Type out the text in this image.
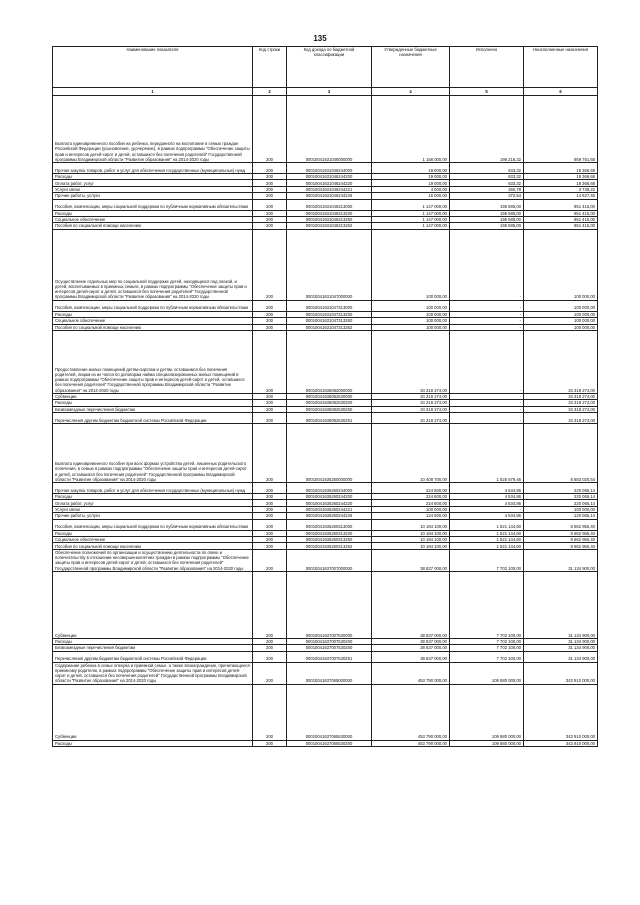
135
Наименование показателя	Код строки	Код дохода по бюджетной классификации	Утвержденные бюджетные назначения	Исполнено	Неисполненные назначения
1	2	3	4	5	6
Выплата единовременного пособия на ребенка, переданного на воспитание в семью граждан Российской Федерации (усыновление, удочерение), в рамках подпрограммы "Обеспечение защиты прав и интересов детей-сирот и детей, оставшихся без попечения родителей" Государственной программы Владимирской области "Развитие образования" на 2014-2020 годы	200	00010041631046000000	1 156 000,00	196 218,32	959 781,68
Прочая закупка товаров, работ и услуг для обеспечения государственных (муниципальных) нужд	200	00010041631046244000	19 000,00	633,32	18 366,68
Расходы	200	00010041631046244200	19 000,00	633,32	18 366,68
Оплата работ, услуг	200	00010041631046244220	19 000,00	633,32	18 366,68
Услуги связи	200	00010041631046244221	4 000,00	260,78	3 739,22
Прочие работы, услуги	200	00010041631046244226	15 000,00	372,54	14 627,46
Пособия, компенсации, меры социальной поддержки по публичным нормативным обязательствам	200	00010041631046313000	1 147 000,00	195 585,00	951 415,00
Расходы	200	00010041631046313200	1 147 000,00	195 585,00	951 415,00
Социальное обеспечение	200	00010041631046313260	1 147 000,00	195 585,00	951 415,00
Пособия по социальной помощи населению	200	00010041631046313262	1 147 000,00	195 585,00	951 415,00
Осуществление отдельных мер по социальной поддержке детей, находящихся под опекой, и детей, воспитываемых в приемных семьях, в рамках подпрограммы "Обеспечение защиты прав и интересов детей-сирот и детей, оставшихся без попечения родителей" Государственной программы Владимирской области "Развитие образования" на 2014-2020 годы	200	00010041631047000000	100 000,00	-	100 000,00
Пособия, компенсации, меры социальной поддержки по публичным нормативным обязательствам	200	00010041631047313000	100 000,00	-	100 000,00
Расходы	200	00010041631047313200	100 000,00	-	100 000,00
Социальное обеспечение	200	00010041631047313260	100 000,00	-	100 000,00
Пособия по социальной помощи населению	200	00010041631047313262	100 000,00	-	100 000,00
Предоставление жилых помещений детям-сиротам и детям, оставшимся без попечения родителей, лицам из их числа по договорам найма специализированных жилых помещений в рамках подпрограммы "Обеспечение защиты прав и интересов детей-сирот и детей, оставшихся без попечения родителей" Государственной программы Владимирской области "Развитие образования" на 2014-2020 годы	200	00010041635082000000	34 318 274,00	-	34 318 274,00
Субвенции	200	00010041635082530000	34 318 274,00	-	34 318 274,00
Расходы	200	00010041635082530200	34 318 274,00	-	34 318 274,00
Безвозмездные перечисления бюджетам	200	00010041635082530250	34 318 274,00	-	34 318 274,00
Перечисления другим бюджетам бюджетной системы Российской Федерации	200	00010041635082530251	34 318 274,00	-	34 318 274,00
Выплата единовременного пособия при всех формах устройства детей, лишенных родительского попечения, в семью в рамках подпрограммы "Обеспечение защиты прав и интересов детей-сирот и детей, оставшихся без попечения родителей" Государственной программы Владимирской области "Развитие образования" на 2014-2020 годы	200	00010041635260000000	10 408 700,00	1 525 679,46	8 883 020,54
Прочая закупка товаров, работ и услуг для обеспечения государственных (муниципальных) нужд	200	00010041635260244000	224 600,00	4 534,86	220 065,14
Расходы	200	00010041635260244200	224 600,00	4 534,86	220 065,14
Оплата работ, услуг	200	00010041635260244220	224 600,00	4 534,86	220 065,14
Услуги связи	200	00010041635260244221	100 000,00	-	100 000,00
Прочие работы, услуги	200	00010041635260244226	124 600,00	4 534,86	120 065,14
Пособия, компенсации, меры социальной поддержки по публичным нормативным обязательствам	200	00010041635260313000	10 184 100,00	1 521 144,60	8 662 955,40
Расходы	200	00010041635260313200	10 184 100,00	1 521 144,60	8 662 955,40
Социальное обеспечение	200	00010041635260313260	10 184 100,00	1 521 144,60	8 662 955,40
Пособия по социальной помощи населению	200	00010041635260313262	10 184 100,00	1 521 144,60	8 662 955,40
Обеспечение полномочий по организации и осуществлению деятельности по опеке и попечительству в отношении несовершеннолетних граждан в рамках подпрограммы "Обеспечение защиты прав и интересов детей-сирот и детей, оставшихся без попечения родителей" Государственной программы Владимирской области "Развитие образования" на 2014-2020 годы	200	00010041637007000000	38 837 000,00	7 702 100,00	31 134 900,00
Субвенции	200	00010041637007530000	38 837 000,00	7 702 100,00	31 134 900,00
Расходы	200	00010041637007530200	38 837 000,00	7 702 100,00	31 134 900,00
Безвозмездные перечисления бюджетам	200	00010041637007530250	38 837 000,00	7 702 100,00	31 134 900,00
Перечисления другим бюджетам бюджетной системы Российской Федерации	200	00010041637007530251	38 837 000,00	7 702 100,00	31 134 900,00
Содержание ребенка в семье опекуна и приемной семье, а также вознаграждение, причитающееся приемному родителю, в рамках подпрограммы "Обеспечение защиты прав и интересов детей-сирот и детей, оставшихся без попечения родителей" Государственной программы Владимирской области "Развитие образования" на 2014-2020 годы	200	00010041637065000000	453 790 000,00	109 880 000,00	343 910 000,00
Субвенции	200	00010041637065530000	453 790 000,00	109 880 000,00	343 910 000,00
Расходы	200	00010041637065530200	453 790 000,00	109 880 000,00	343 910 000,00
